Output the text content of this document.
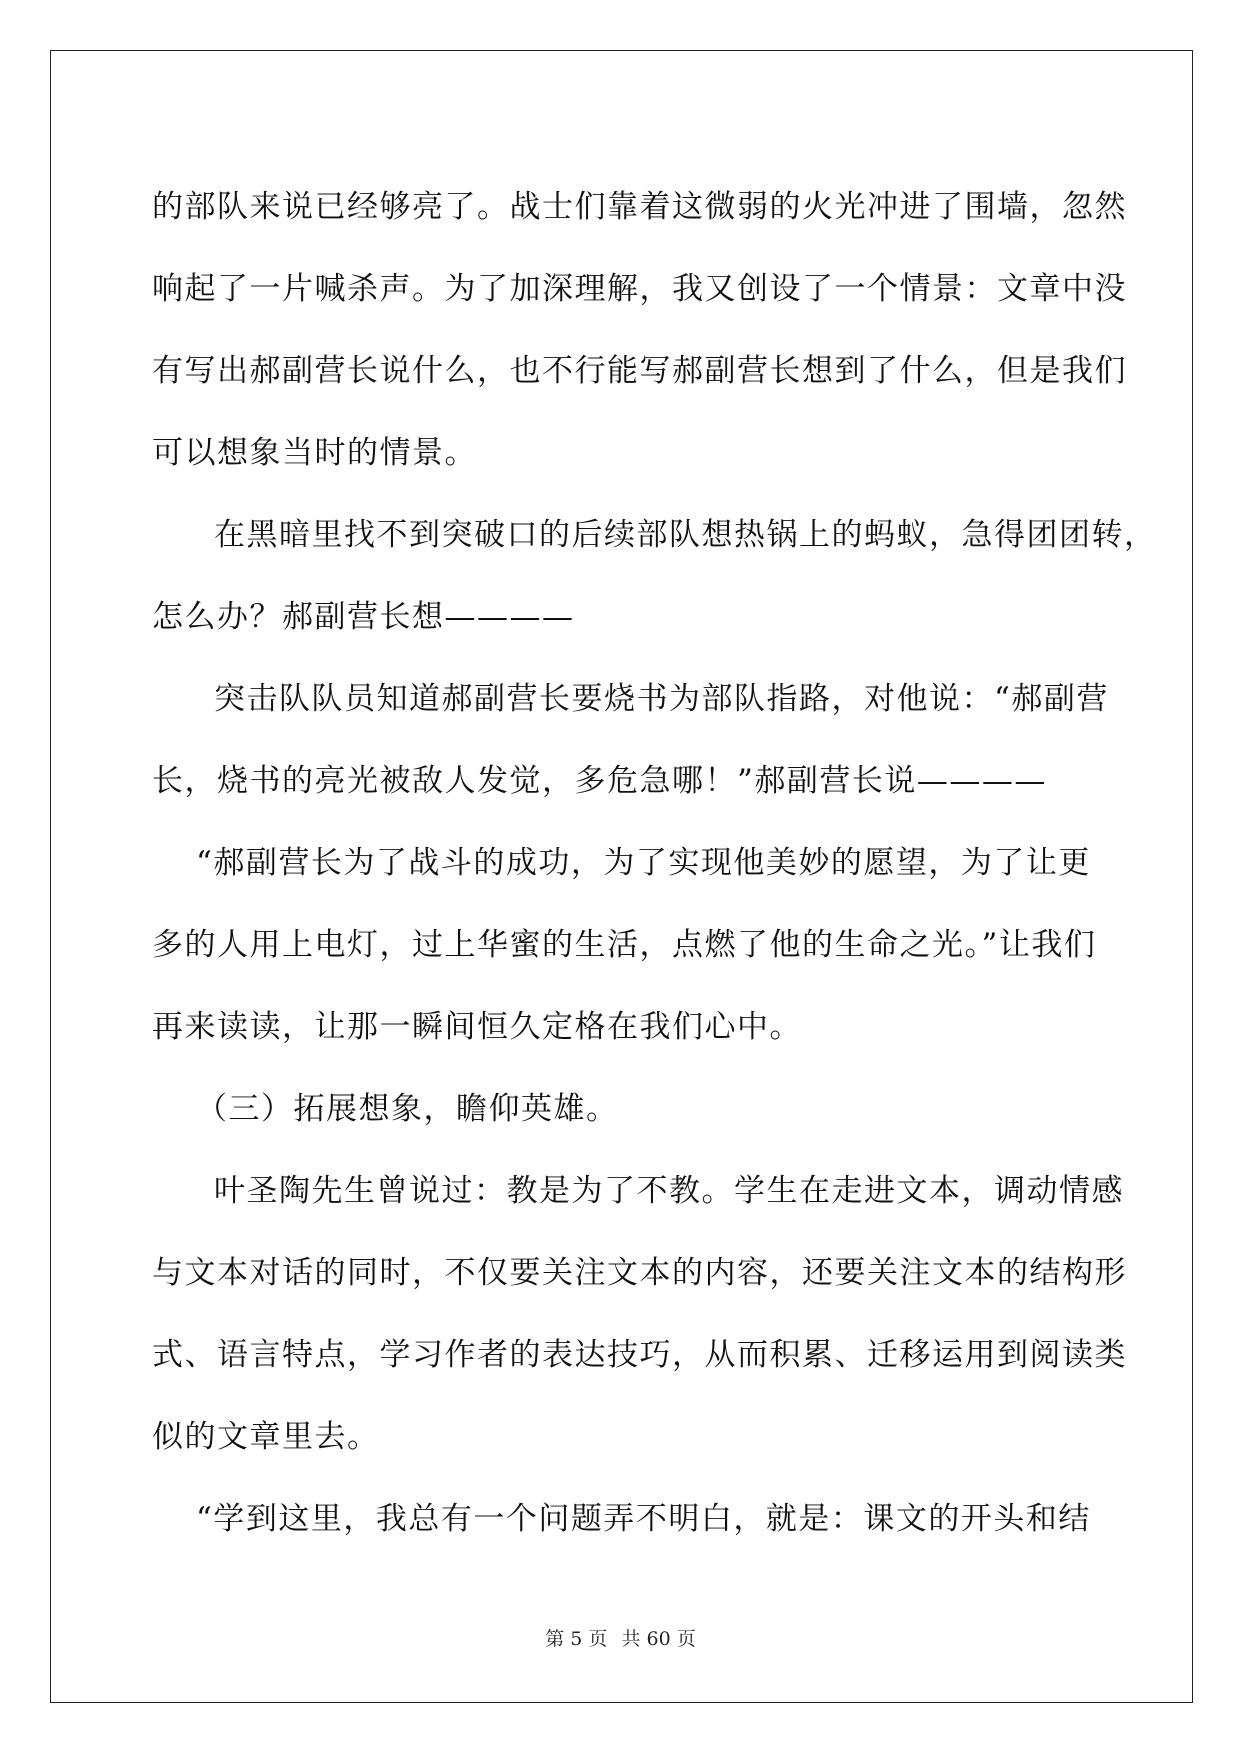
的部队来说已经够亮了。战士们靠着这微弱的火光冲进了围墙，忽然
响起了一片喊杀声。为了加深理解，我又创设了一个情景：文章中没
有写出郝副营长说什么，也不行能写郝副营长想到了什么，但是我们
可以想象当时的情景。

在黑暗里找不到突破口的后续部队想热锅上的蚂蚁，急得团团转，
怎么办？郝副营长想————

突击队队员知道郝副营长要烧书为部队指路，对他说：“郝副营
长，烧书的亮光被敌人发觉，多危急哪！”郝副营长说————

“郝副营长为了战斗的成功，为了实现他美妙的愿望，为了让更
多的人用上电灯，过上华蜜的生活，点燃了他的生命之光。”让我们
再来读读，让那一瞬间恒久定格在我们心中。

（三）拓展想象，瞻仰英雄。

叶圣陶先生曾说过：教是为了不教。学生在走进文本，调动情感
与文本对话的同时，不仅要关注文本的内容，还要关注文本的结构形
式、语言特点，学习作者的表达技巧，从而积累、迁移运用到阅读类
似的文章里去。

“学到这里，我总有一个问题弄不明白，就是：课文的开头和结

第 5 页 共 60 页
